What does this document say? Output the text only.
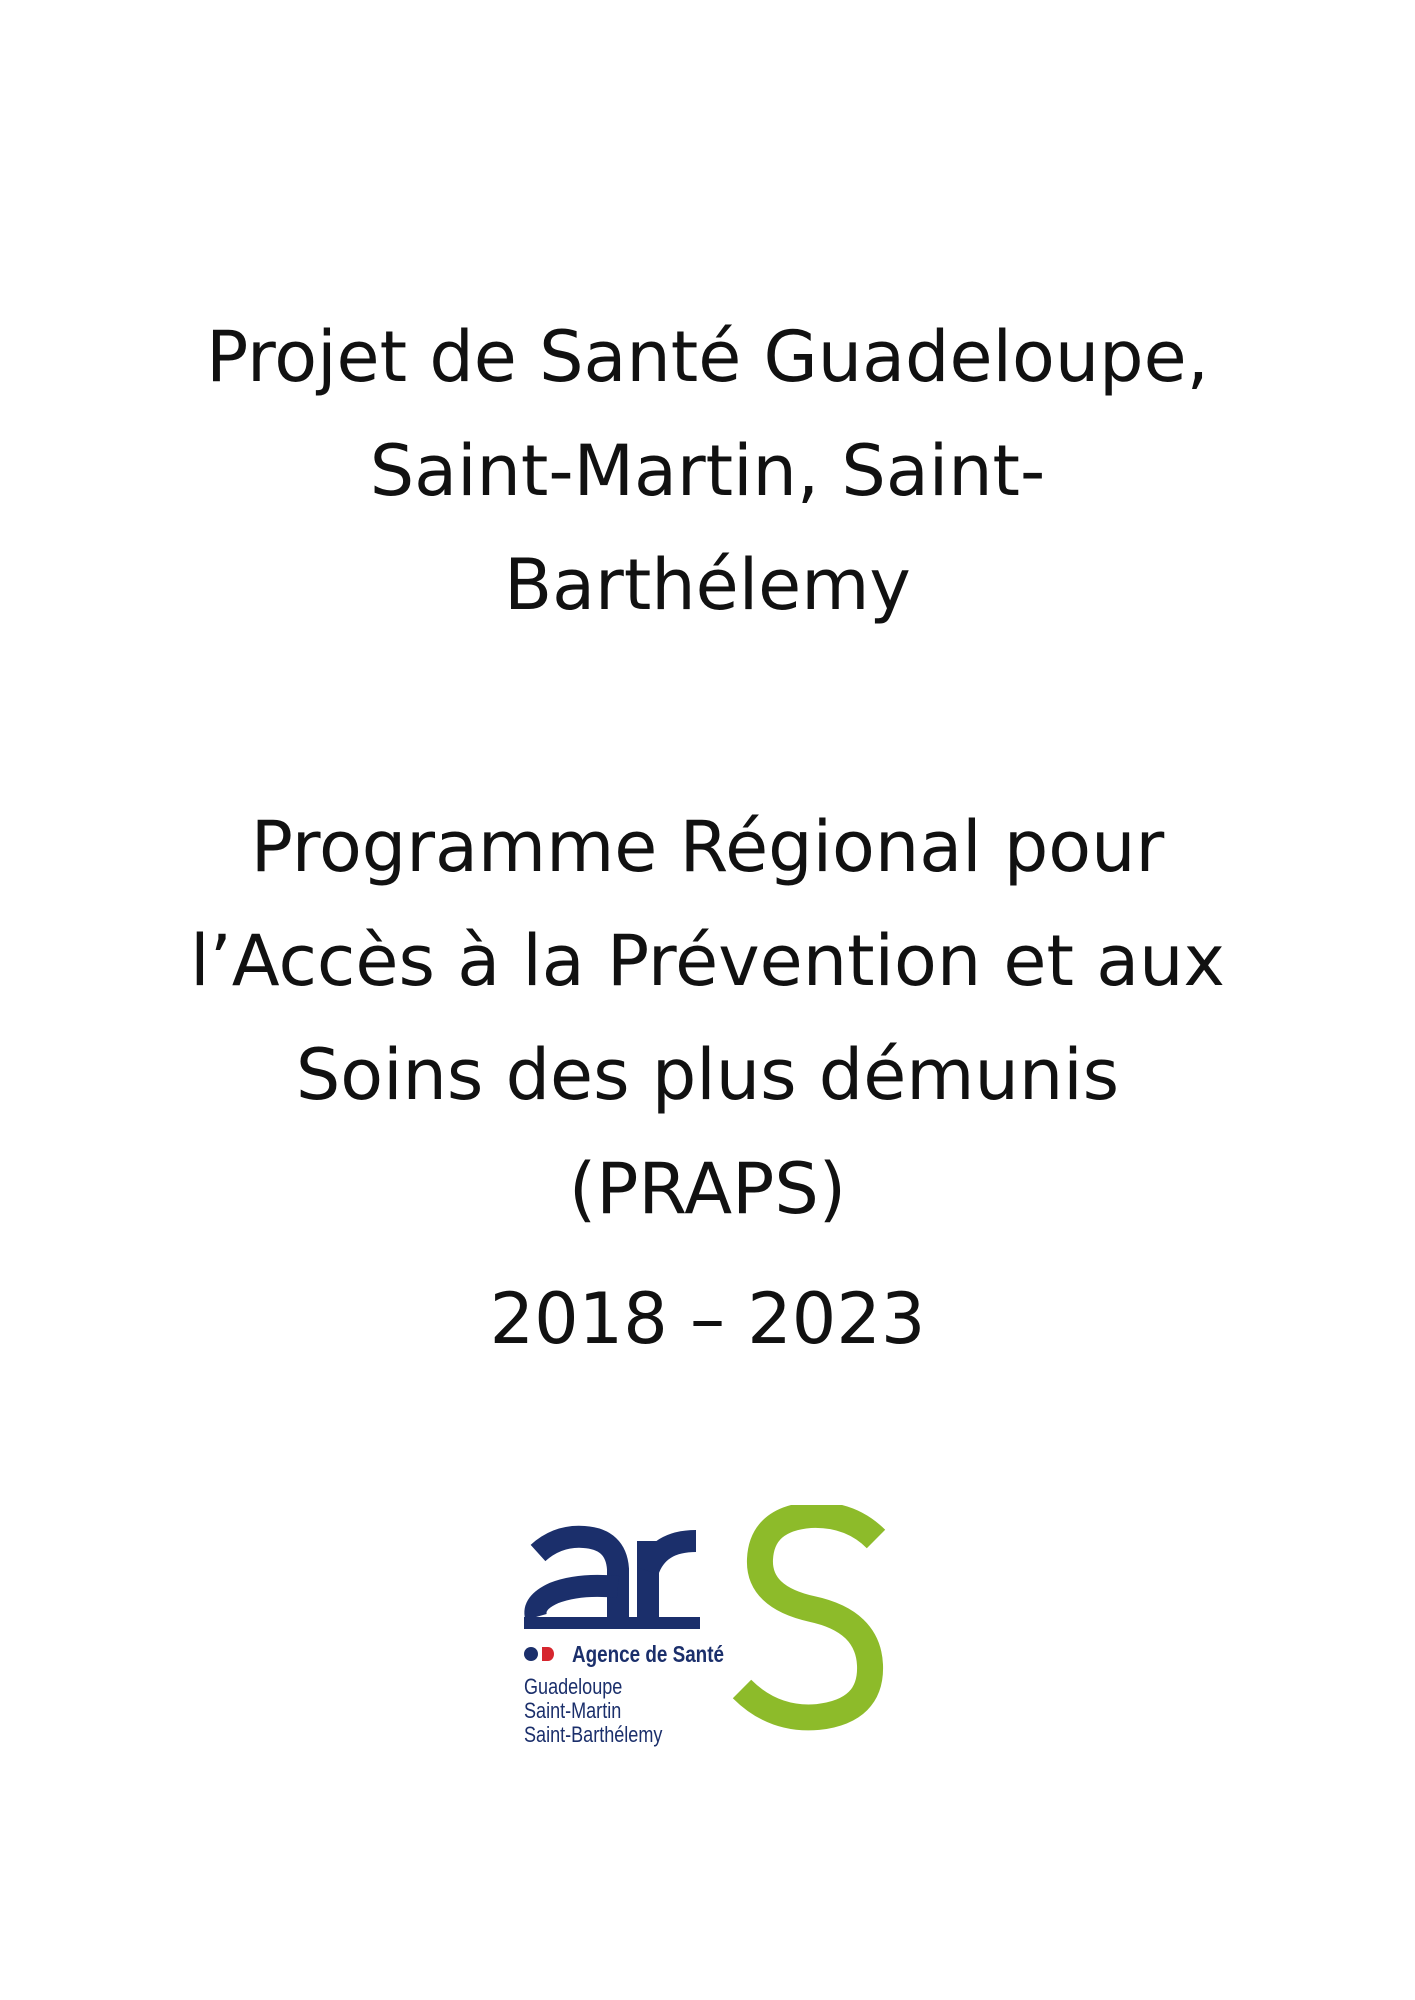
Projet de Santé Guadeloupe,
Saint-Martin, Saint-
Barthélemy
Programme Régional pour
l’Accès à la Prévention et aux
Soins des plus démunis
(PRAPS)
2018 – 2023
Agence de Santé
Guadeloupe
Saint-Martin
Saint-Barthélemy
